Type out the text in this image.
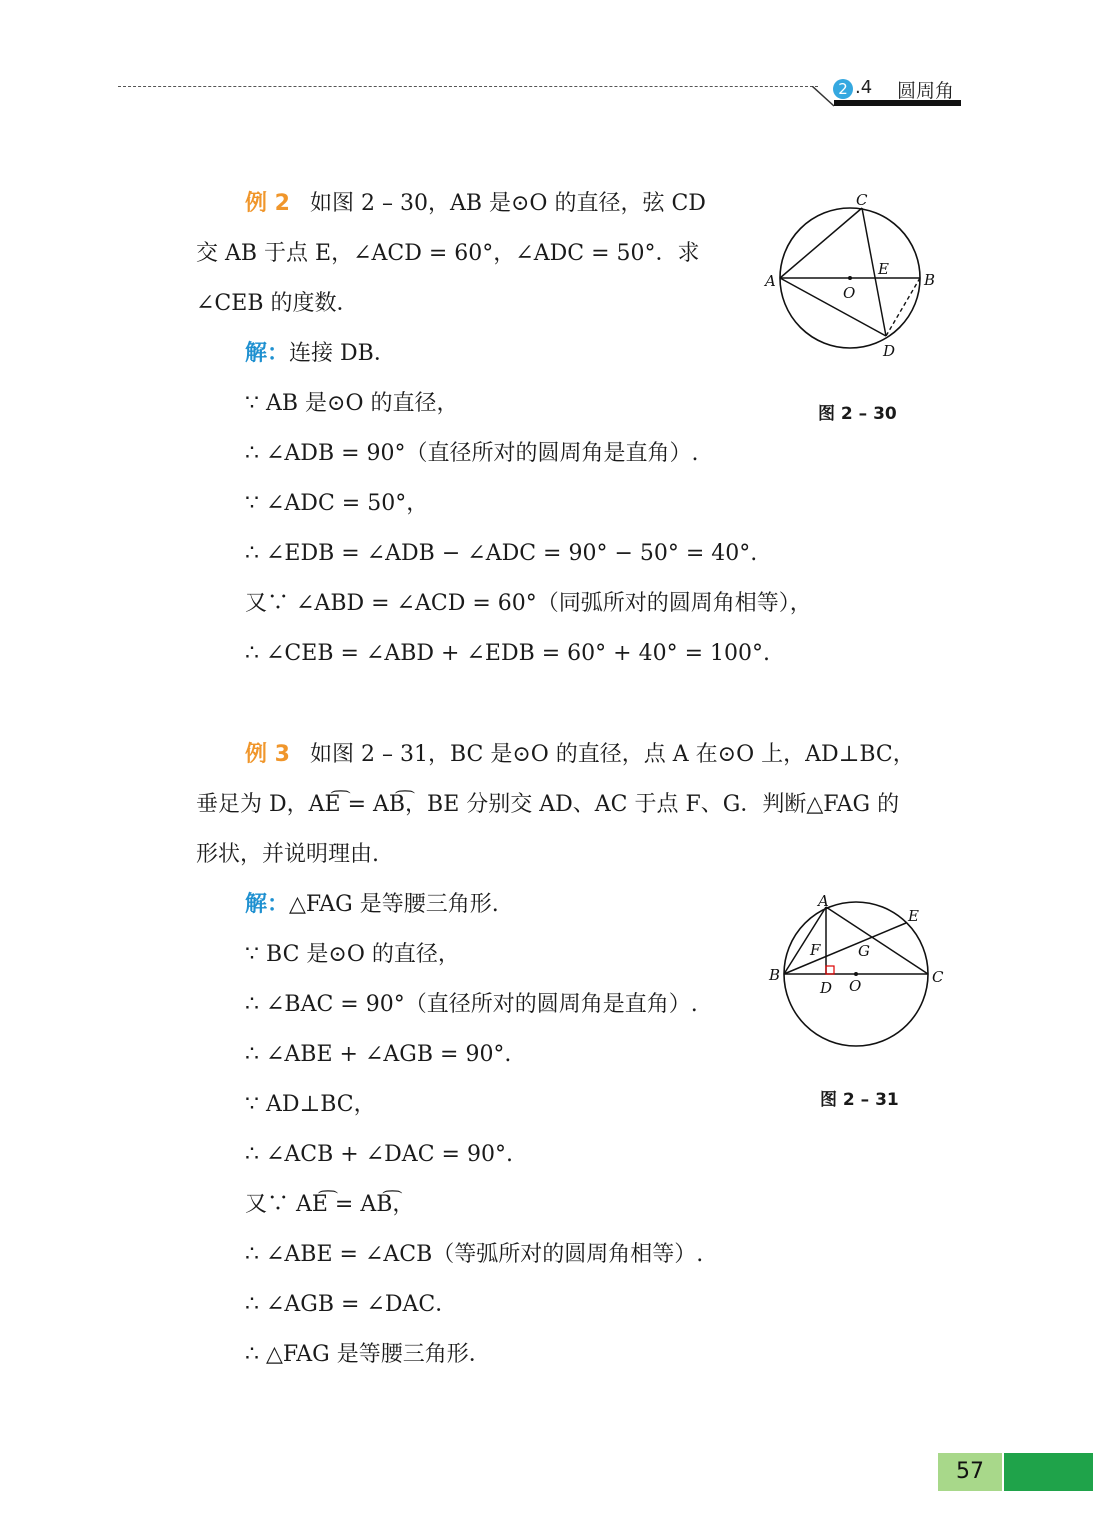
2 .4 圆周角
例 2 如图 2 – 30，AB 是⊙O 的直径，弦 CD
交 AB 于点 E，∠ACD = 60°，∠ADC = 50°．求
∠CEB 的度数．
解：连接 DB．
∵ AB 是⊙O 的直径，
∴ ∠ADB = 90°（直径所对的圆周角是直角）.
∵ ∠ADC = 50°，
∴ ∠EDB = ∠ADB − ∠ADC = 90° − 50° = 40°.
又∵ ∠ABD = ∠ACD = 60°（同弧所对的圆周角相等），
∴ ∠CEB = ∠ABD + ∠EDB = 60° + 40° = 100°.
C
A	B
E
O
D
图 2 – 30
例 3 如图 2 – 31，BC 是⊙O 的直径，点 A 在⊙O 上，AD⊥BC，
垂足为 D，AE͡ = AB͡，BE 分别交 AD、AC 于点 F、G．判断△FAG 的
形状，并说明理由.
解：△FAG 是等腰三角形.
∵ BC 是⊙O 的直径，
∴ ∠BAC = 90°（直径所对的圆周角是直角）.
∴ ∠ABE + ∠AGB = 90°.
∵ AD⊥BC，
∴ ∠ACB + ∠DAC = 90°.
又∵ AE͡ = AB͡，
∴ ∠ABE = ∠ACB（等弧所对的圆周角相等）.
∴ ∠AGB = ∠DAC．
∴ △FAG 是等腰三角形．
A
E
F	G
B	C
D O
图 2 – 31
57
